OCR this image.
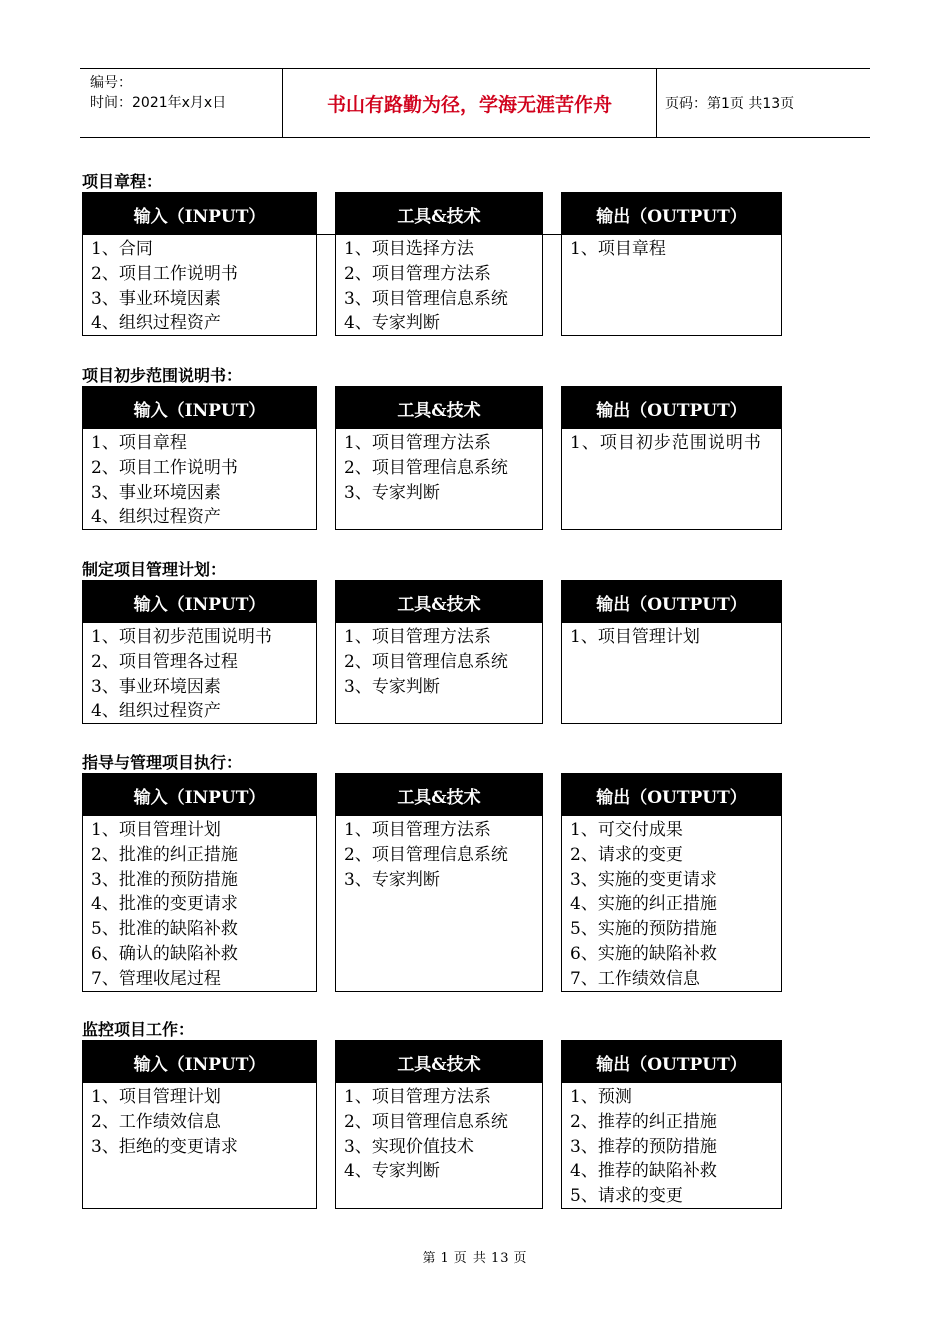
编号：
时间：2021年x月x日	书山有路勤为径，学海无涯苦作舟	页码：第1页 共13页
项目章程：
输入（INPUT）
1、合同
2、项目工作说明书
3、事业环境因素
4、组织过程资产
工具&技术
1、项目选择方法
2、项目管理方法系
3、项目管理信息系统
4、专家判断
输出（OUTPUT）
1、项目章程
项目初步范围说明书：
输入（INPUT）
1、项目章程
2、项目工作说明书
3、事业环境因素
4、组织过程资产
工具&技术
1、项目管理方法系
2、项目管理信息系统
3、专家判断
输出（OUTPUT）
1、项目初步范围说明书
制定项目管理计划：
输入（INPUT）
1、项目初步范围说明书
2、项目管理各过程
3、事业环境因素
4、组织过程资产
工具&技术
1、项目管理方法系
2、项目管理信息系统
3、专家判断
输出（OUTPUT）
1、项目管理计划
指导与管理项目执行：
输入（INPUT）
1、项目管理计划
2、批准的纠正措施
3、批准的预防措施
4、批准的变更请求
5、批准的缺陷补救
6、确认的缺陷补救
7、管理收尾过程
工具&技术
1、项目管理方法系
2、项目管理信息系统
3、专家判断
输出（OUTPUT）
1、可交付成果
2、请求的变更
3、实施的变更请求
4、实施的纠正措施
5、实施的预防措施
6、实施的缺陷补救
7、工作绩效信息
监控项目工作：
输入（INPUT）
1、项目管理计划
2、工作绩效信息
3、拒绝的变更请求
工具&技术
1、项目管理方法系
2、项目管理信息系统
3、实现价值技术
4、专家判断
输出（OUTPUT）
1、预测
2、推荐的纠正措施
3、推荐的预防措施
4、推荐的缺陷补救
5、请求的变更
第 1 页 共 13 页
